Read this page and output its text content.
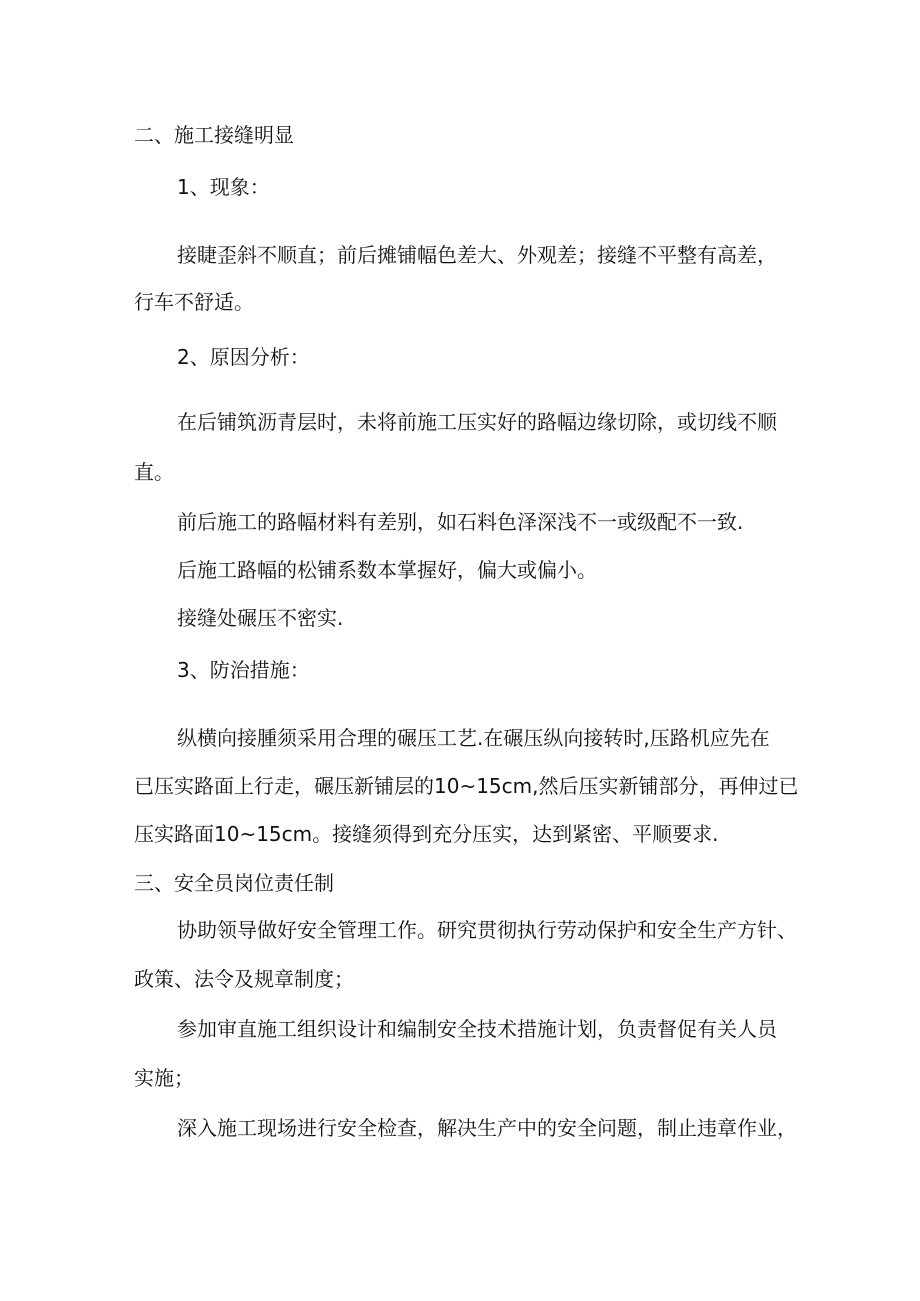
二、施工接缝明显
1、现象：
接睫歪斜不顺直；前后摊铺幅色差大、外观差；接缝不平整有高差，
行车不舒适。
2、原因分析：
在后铺筑沥青层时，未将前施工压实好的路幅边缘切除，或切线不顺
直。
前后施工的路幅材料有差别，如石料色泽深浅不一或级配不一致.
后施工路幅的松铺系数本掌握好，偏大或偏小。
接缝处碾压不密实.
3、防治措施：
纵横向接腫须采用合理的碾压工艺.在碾压纵向接转时,压路机应先在
已压实路面上行走，碾压新铺层的10~15cm,然后压实新铺部分，再伸过已
压实路面10~15cm。接缝须得到充分压实，达到紧密、平顺要求.
三、安全员岗位责任制
协助领导做好安全管理工作。研究贯彻执行劳动保护和安全生产方针、
政策、法令及规章制度；
参加审直施工组织设计和编制安全技术措施计划，负责督促有关人员
实施；
深入施工现场进行安全检查，解决生产中的安全问题，制止违章作业，
